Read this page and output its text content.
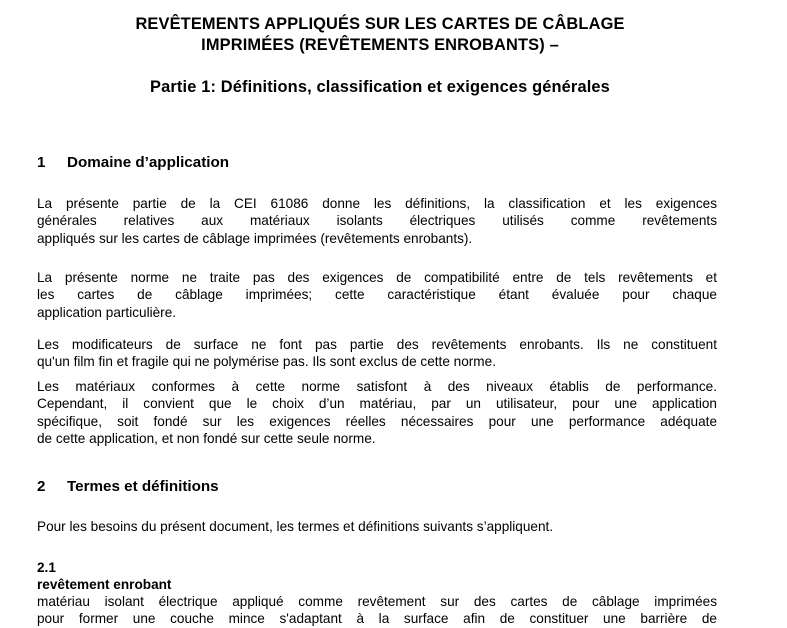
REVÊTEMENTS APPLIQUÉS SUR LES CARTES DE CÂBLAGE
IMPRIMÉES (REVÊTEMENTS ENROBANTS) –
Partie 1: Définitions, classification et exigences générales
1 Domaine d’application
La présente partie de la CEI 61086 donne les définitions, la classification et les exigences
générales relatives aux matériaux isolants électriques utilisés comme revêtements
appliqués sur les cartes de câblage imprimées (revêtements enrobants).
La présente norme ne traite pas des exigences de compatibilité entre de tels revêtements et
les cartes de câblage imprimées; cette caractéristique étant évaluée pour chaque
application particulière.
Les modificateurs de surface ne font pas partie des revêtements enrobants. Ils ne constituent
qu'un film fin et fragile qui ne polymérise pas. Ils sont exclus de cette norme.
Les matériaux conformes à cette norme satisfont à des niveaux établis de performance.
Cependant, il convient que le choix d’un matériau, par un utilisateur, pour une application
spécifique, soit fondé sur les exigences réelles nécessaires pour une performance adéquate
de cette application, et non fondé sur cette seule norme.
2 Termes et définitions
Pour les besoins du présent document, les termes et définitions suivants s’appliquent.
2.1
revêtement enrobant
matériau isolant électrique appliqué comme revêtement sur des cartes de câblage imprimées
pour former une couche mince s'adaptant à la surface afin de constituer une barrière de
